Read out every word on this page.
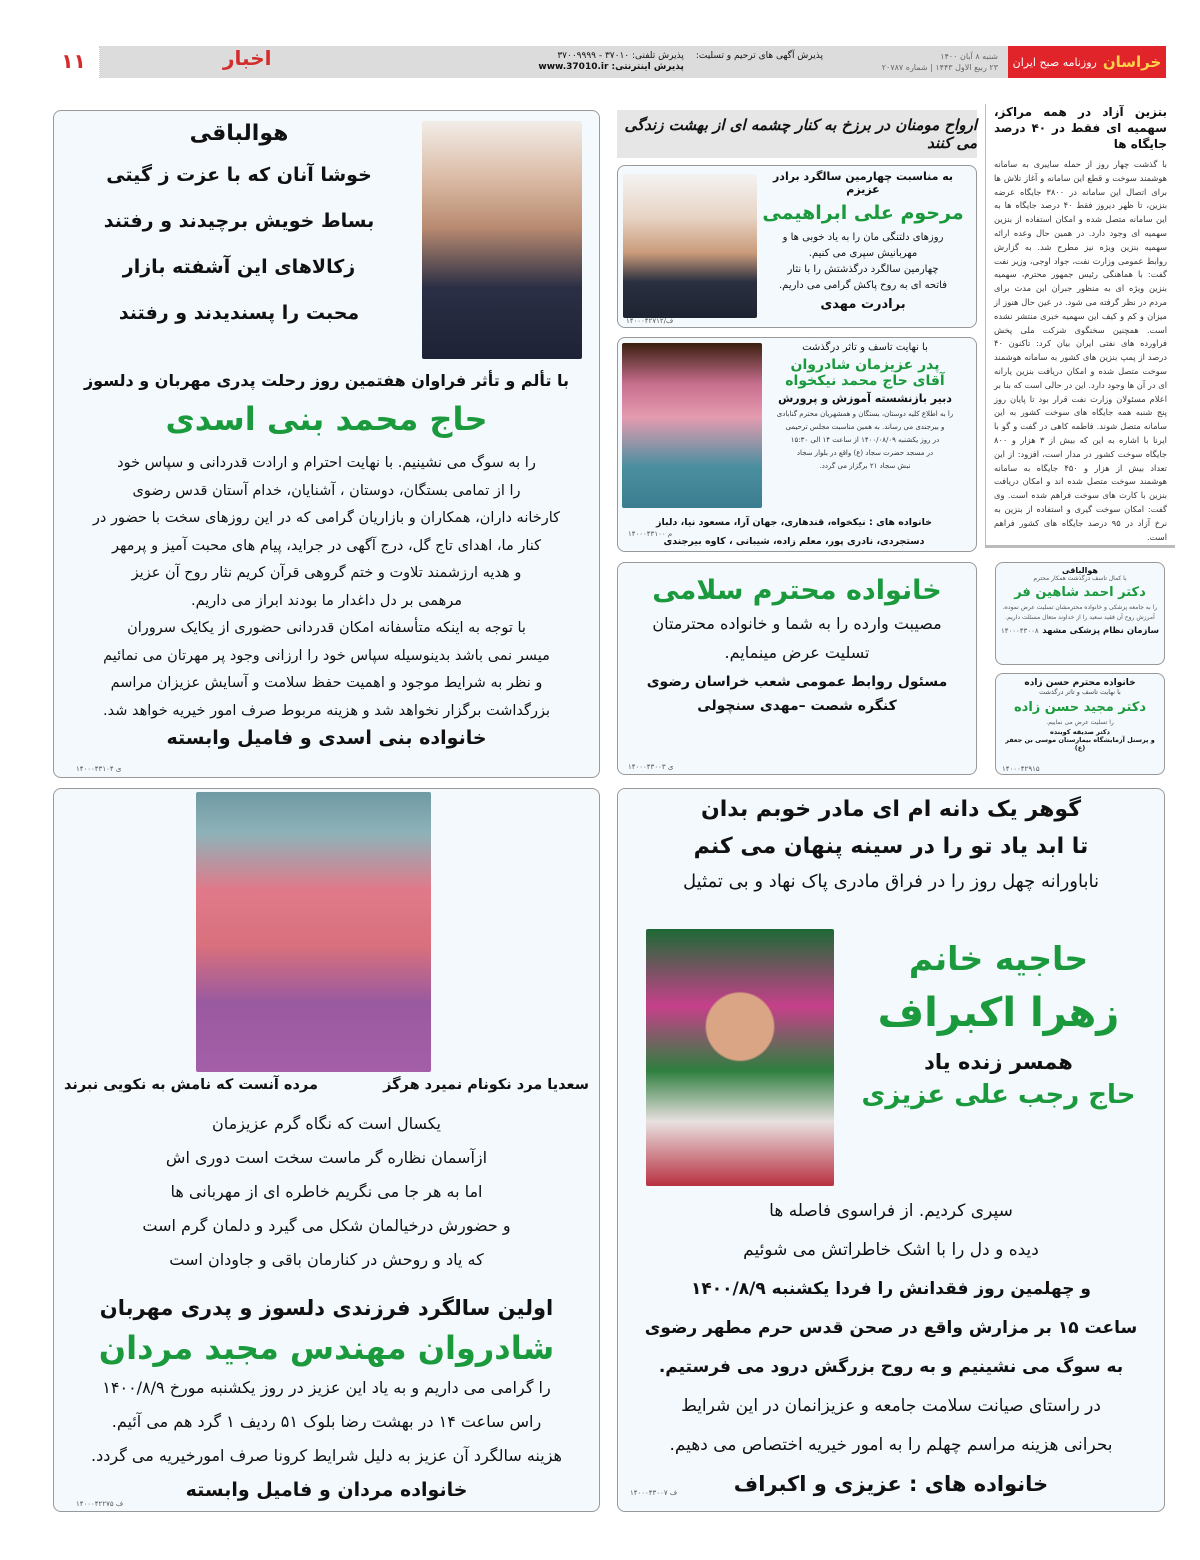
روزنامه صبح ایران خراسان
شنبه ۸ آبان ۱۴۰۰
۲۳ ربیع الاول ۱۴۴۳ | شماره ۲۰۷۸۷
پذیرش آگهی های ترحیم و تسلیت:
پذیرش تلفنی: ۳۷۰۱۰ - ۳۷۰۰۹۹۹۹
پذیرش اینترنتی: www.37010.ir
اخبار
۱۱
بنزین آزاد در همه مراکز، سهمیه ای فقط در ۴۰ درصد جایگاه ها

با گذشت چهار روز از حمله سایبری به سامانه هوشمند سوخت و قطع این سامانه و آغاز تلاش ها برای اتصال این سامانه در ۳۸۰۰ جایگاه عرضه بنزین، تا ظهر دیروز فقط ۴۰ درصد جایگاه ها به این سامانه متصل شده و امکان استفاده از بنزین سهمیه ای وجود دارد. در همین حال وعده ارائه سهمیه بنزین ویژه نیز مطرح شد. به گزارش روابط عمومی وزارت نفت، جواد اوجی، وزیر نفت گفت: با هماهنگی رئیس جمهور محترم، سهمیه بنزین ویژه ای به منظور جبران این مدت برای مردم در نظر گرفته می شود. در عین حال هنوز از میزان و کم و کیف این سهمیه خبری منتشر نشده است. همچنین سخنگوی شرکت ملی پخش فراورده های نفتی ایران بیان کرد: تاکنون ۴۰ درصد از پمپ بنزین های کشور به سامانه هوشمند سوخت متصل شده و امکان دریافت بنزین یارانه ای در آن ها وجود دارد. این در حالی است که بنا بر اعلام مسئولان وزارت نفت قرار بود تا پایان روز پنج شنبه همه جایگاه های سوخت کشور به این سامانه متصل شوند. فاطمه کاهی در گفت و گو با ایرنا با اشاره به این که بیش از ۳ هزار و ۸۰۰ جایگاه سوخت کشور در مدار است، افزود: از این تعداد بیش از هزار و ۴۵۰ جایگاه به سامانه هوشمند سوخت متصل شده اند و امکان دریافت بنزین با کارت های سوخت فراهم شده است. وی گفت: امکان سوخت گیری و استفاده از بنزین به نرخ آزاد در ۹۵ درصد جایگاه های کشور فراهم است.

ارواح مومنان در برزخ به کنار چشمه ای از بهشت زندگی می کنند
به مناسبت چهارمین سالگرد برادر عزیزم
مرحوم علی ابراهیمی
روزهای دلتنگی مان را به یاد خوبی ها و
مهربانیش سپری می کنیم.
چهارمین سالگرد درگذشتش را با نثار
فاتحه ای به روح پاکش گرامی می داریم.
برادرت مهدی
۱۴۰۰۰۴۲۷۱۲/ف
با نهایت تاسف و تاثر درگذشت
پدر عزیزمان شادروان
آقای حاج محمد نیکخواه
دبیر بازنشسته آموزش و پرورش
را به اطلاع کلیه دوستان، بستگان و همشهریان محترم گنابادی
و بیرجندی می رساند. به همین مناسبت مجلس ترحیمی
در روز یکشنبه ۱۴۰۰/۰۸/۰۹ از ساعت ۱۴ الی ۱۵:۳۰
در مسجد حضرت سجاد (ع) واقع در بلوار سجاد
نبش سجاد ۲۱ برگزار می گردد.
خانواده های : نیکخواه، قندهاری، جهان آرا، مسعود نیا، دلباز
دستجردی، نادری پور، معلم زاده، شیبانی ، کاوه بیرجندی
۱۴۰۰۰۴۳۱۰۰ م
خانواده محترم سلامی
مصیبت وارده را به شما و خانواده محترمتان
تسلیت عرض مینمایم.
مسئول روابط عمومی شعب خراسان رضوی
کنگره شصت –مهدی سنچولی
۱۴۰۰۰۴۳۰۰۳ ی
هوالباقی
با کمال تاسف درگذشت همکار محترم
دکتر احمد شاهین فر
را به جامعه پزشکی و خانواده محترمشان تسلیت عرض نموده، آمرزش روح آن فقید سعید را از خداوند متعال مسئلت داریم.
سازمان نظام پزشکی مشهد
۱۴۰۰۰۴۳۰۰۸
خانواده محترم حسن زاده
با نهایت تاسف و تاثر درگذشت
دکتر مجید حسن زاده
را تسلیت عرض می نماییم.
دکتر صدیقه کوبنده
و پرسنل آزمایشگاه بیمارستان موسی بن جعفر (ع)
۱۴۰۰۰۴۲۹۱۵
هوالباقی
خوشا آنان که با عزت ز گیتی
بساط خویش برچیدند و رفتند
زکالاهای این آشفته بازار
محبت را پسندیدند و رفتند
با تألم و تأثر فراوان هفتمین روز رحلت پدری مهربان و دلسوز
حاج محمد بنی اسدی
را به سوگ می نشینیم. با نهایت احترام و ارادت قدردانی و سپاس خود
را از تمامی بستگان، دوستان ، آشنایان، خدام آستان قدس رضوی
کارخانه داران، همکاران و بازاریان گرامی که در این روزهای سخت با حضور در
کنار ما، اهدای تاج گل، درج آگهی در جراید، پیام های محبت آمیز و پرمهر
و هدیه ارزشمند تلاوت و ختم گروهی قرآن کریم نثار روح آن عزیز
مرهمی بر دل داغدار ما بودند ابراز می داریم.
با توجه به اینکه متأسفانه امکان قدردانی حضوری از یکایک سروران
میسر نمی باشد بدینوسیله سپاس خود را ارزانی وجود پر مهرتان می نمائیم
و نظر به شرایط موجود و اهمیت حفظ سلامت و آسایش عزیزان مراسم
بزرگداشت برگزار نخواهد شد و هزینه مربوط صرف امور خیریه خواهد شد.
خانواده بنی اسدی و فامیل وابسته
۱۴۰۰۰۴۳۱۰۴ ی
سعدیا مرد نکونام نمیرد هرگز
مرده آنست که نامش به نکویی نبرند
یکسال است که نگاه گرم عزیزمان
ازآسمان نظاره گر ماست سخت است دوری اش
اما به هر جا می نگریم خاطره ای از مهربانی ها
و حضورش درخیالمان شکل می گیرد و دلمان گرم است
که یاد و روحش در کنارمان باقی و جاودان است
اولین سالگرد فرزندی دلسوز و پدری مهربان
شادروان مهندس مجید مردان
را گرامی می داریم و به یاد این عزیز در روز یکشنبه مورخ ۱۴۰۰/۸/۹
راس ساعت ۱۴ در بهشت رضا بلوک ۵۱ ردیف ۱ گرد هم می آئیم.
هزینه سالگرد آن عزیز به دلیل شرایط کرونا صرف امورخیریه می گردد.
خانواده مردان و فامیل وابسته
۱۴۰۰۰۴۲۲۷۵ ف
گوهر یک دانه ام ای مادر خوبم بدان
تا ابد یاد تو را در سینه پنهان می کنم
ناباورانه چهل روز را در فراق مادری پاک نهاد و بی تمثیل
حاجیه خانم
زهرا اکبراف
همسر زنده یاد
حاج رجب علی عزیزی
سپری کردیم. از فراسوی فاصله ها
دیده و دل را با اشک خاطراتش می شوئیم
و چهلمین روز فقدانش را فردا یکشنبه ۱۴۰۰/۸/۹
ساعت ۱۵ بر مزارش واقع در صحن قدس حرم مطهر رضوی
به سوگ می نشینیم و به روح بزرگش درود می فرستیم.
در راستای صیانت سلامت جامعه و عزیزانمان در این شرایط
بحرانی هزینه مراسم چهلم را به امور خیریه اختصاص می دهیم.
خانواده های : عزیزی و اکبراف
۱۴۰۰۰۴۳۰۰۷ ف
